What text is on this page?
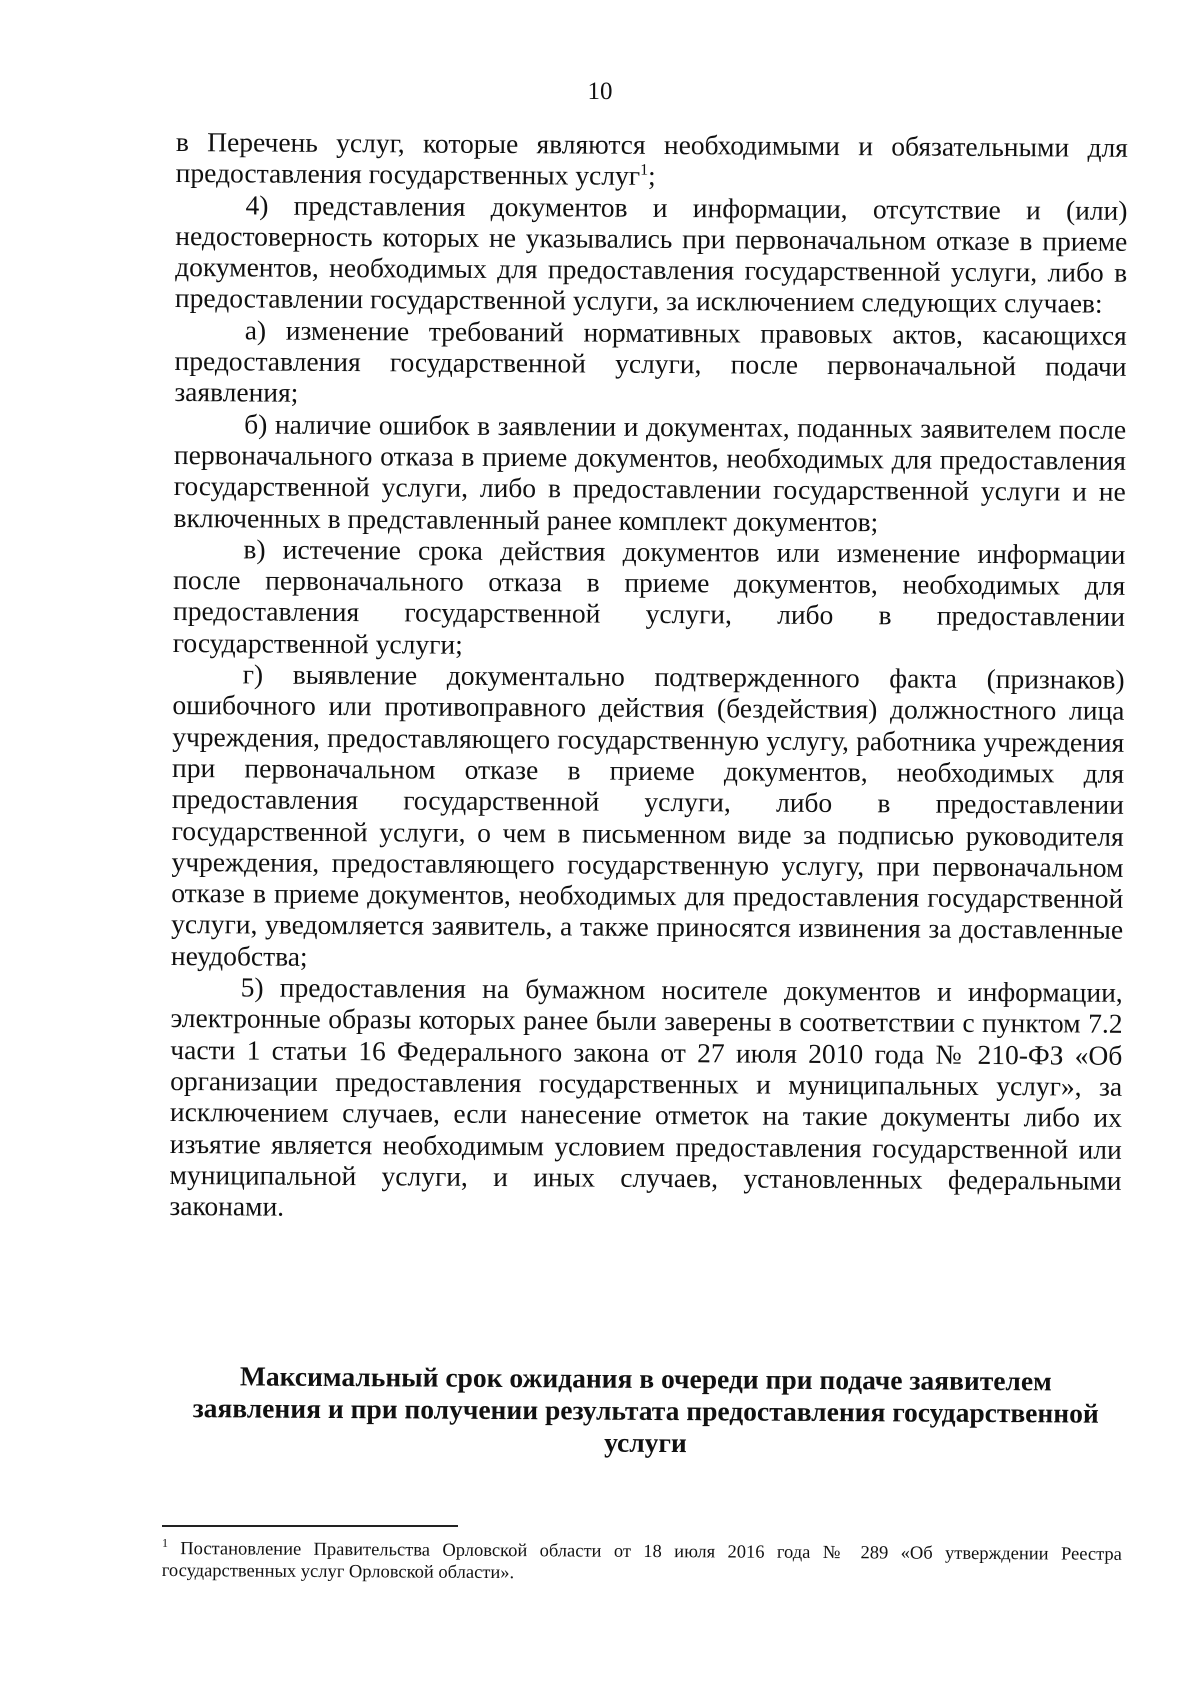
10

в Перечень услуг, которые являются необходимыми и обязательными для предоставления государственных услуг$^1$;

4) представления документов и информации, отсутствие и (или) недостоверность которых не указывались при первоначальном отказе в приеме документов, необходимых для предоставления государственной услуги, либо в предоставлении государственной услуги, за исключением следующих случаев:

а) изменение требований нормативных правовых актов, касающихся предоставления государственной услуги, после первоначальной подачи заявления;

б) наличие ошибок в заявлении и документах, поданных заявителем после первоначального отказа в приеме документов, необходимых для предоставления государственной услуги, либо в предоставлении государственной услуги и не включенных в представленный ранее комплект документов;

в) истечение срока действия документов или изменение информации после первоначального отказа в приеме документов, необходимых для предоставления государственной услуги, либо в предоставлении государственной услуги;

г) выявление документально подтвержденного факта (признаков) ошибочного или противоправного действия (бездействия) должностного лица учреждения, предоставляющего государственную услугу, работника учреждения при первоначальном отказе в приеме документов, необходимых для предоставления государственной услуги, либо в предоставлении государственной услуги, о чем в письменном виде за подписью руководителя учреждения, предоставляющего государственную услугу, при первоначальном отказе в приеме документов, необходимых для предоставления государственной услуги, уведомляется заявитель, а также приносятся извинения за доставленные неудобства;

5) предоставления на бумажном носителе документов и информации, электронные образы которых ранее были заверены в соответствии с пунктом 7.2 части 1 статьи 16 Федерального закона от 27 июля 2010 года № 210-ФЗ «Об организации предоставления государственных и муниципальных услуг», за исключением случаев, если нанесение отметок на такие документы либо их изъятие является необходимым условием предоставления государственной или муниципальной услуги, и иных случаев, установленных федеральными законами.

Максимальный срок ожидания в очереди при подаче заявителем

заявления и при получении результата предоставления государственной

услуги

$^1$ Постановление Правительства Орловской области от 18 июля 2016 года № 289 «Об утверждении Реестра государственных услуг Орловской области».
